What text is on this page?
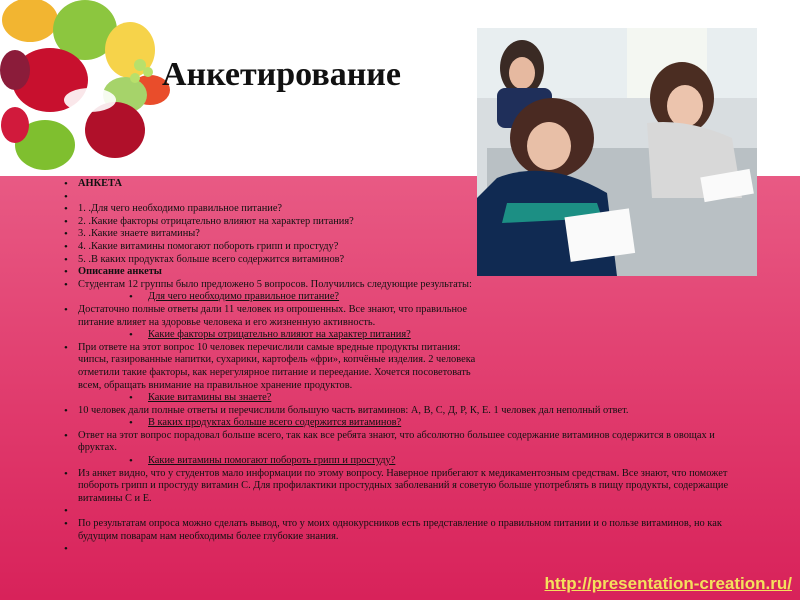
Анкетирование
• АНКЕТА
•
• 1. .Для чего необходимо правильное питание?
• 2. .Какие факторы отрицательно влияют на характер питания?
• 3. .Какие знаете витамины?
• 4. .Какие витамины помогают побороть грипп и простуду?
• 5. .В каких продуктах больше всего содержится витаминов?
• Описание анкеты
• Студентам 12 группы было предложено 5 вопросов. Получились следующие результаты:
• Для чего необходимо правильное питание?
• Достаточно полные ответы дали 11 человек из опрошенных. Все знают, что правильное питание влияет на здоровье человека и его жизненную активность.
• Какие факторы отрицательно влияют на характер питания?
• При ответе на этот вопрос 10 человек перечислили самые вредные продукты питания: чипсы, газированные напитки, сухарики, картофель «фри», копчёные изделия. 2 человека отметили такие факторы, как нерегулярное питание и переедание. Хочется посоветовать всем, обращать внимание на правильное хранение продуктов.
• Какие витамины вы знаете?
• 10 человек дали полные ответы и перечислили большую часть витаминов: А, В, С, Д, Р, К, Е. 1 человек дал неполный ответ.
• В каких продуктах больше всего содержится витаминов?
• Ответ на этот вопрос порадовал больше всего, так как все ребята знают, что абсолютно большее содержание витаминов содержится в овощах и фруктах.
• Какие витамины помогают побороть грипп и простуду?
• Из анкет видно, что у студентов мало информации по этому вопросу. Наверное прибегают к медикаментозным средствам. Все знают, что поможет побороть грипп и простуду витамин С. Для профилактики простудных заболеваний я советую больше употреблять в пищу продукты, содержащие витамины С и Е.
•
• По результатам опроса можно сделать вывод, что у моих однокурсников есть представление о правильном питании и о пользе витаминов, но как будущим поварам нам необходимы более глубокие знания.
•
http://presentation-creation.ru/
